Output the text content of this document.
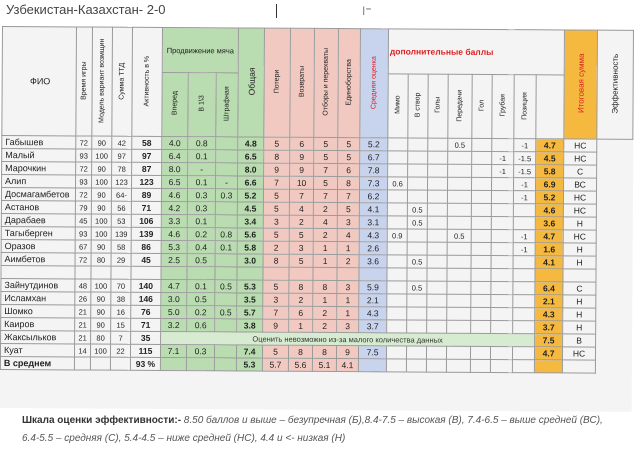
Узбекистан-Казахстан- 2-0	I⁼
ФИО	Время игры	Модель вариант возмщин	Сумма ТТД	Активность в %	Продвижение мяча			Общая	Потери	Возвраты	Отборы и перехваты	Единоборства	Средняя оценка	дополнительные баллы								Итоговая сумма	Эффективность
					Вперед	В 1\3	Штрафная							Мимо	В створ	Голы	Передачи	Гол	Грубая	Позиция			
Габышев	72	90	42	58	4.0	0.8		4.8	5	6	5	5	5.2				0.5			-1	4.7	НС	
Малый	93	100	97	97	6.4	0.1		6.5	8	9	5	5	6.7						-1	-1.5	4.5	НС	
Марочкин	72	90	78	87	8.0	-		8.0	9	9	7	6	7.8						-1	-1.5	5.8	С	
Алип	93	100	123	123	6.5	0.1	-	6.6	7	10	5	8	7.3	0.6						-1	6.9	ВС	
Досмагамбетов	72	90	64-	89	4.6	0.3	0.3	5.2	5	7	7	7	6.2							-1	5.2	НС	
Астанов	79	90	56	71	4.2	0.3		4.5	5	4	2	5	4.1		0.5						4.6	НС	
Дарабаев	45	100	53	106	3.3	0.1		3.4	3	2	4	3	3.1		0.5						3.6	Н	
Тагыберген	93	100	139	139	4.6	0.2	0.8	5.6	5	5	2	4	4.3	0.9			0.5			-1	4.7	НС	
Оразов	67	90	58	86	5.3	0.4	0.1	5.8	2	3	1	1	2.6							-1	1.6	Н	
Аимбетов	72	80	29	45	2.5	0.5		3.0	8	5	1	2	3.6		0.5						4.1	Н	

Зайнутдинов	48	100	70	140	4.7	0.1	0.5	5.3	5	8	8	3	5.9		0.5						6.4	С	
Исламхан	26	90	38	146	3.0	0.5		3.5	3	2	1	1	2.1								2.1	Н	
Шомко	21	90	16	76	5.0	0.2	0.5	5.7	7	6	2	1	4.3								4.3	Н	
Каиров	21	90	15	71	3.2	0.6		3.8	9	1	2	3	3.7								3.7	Н	
Жаксыльков	21	80	7	35	Оценить невозможно из-за малого количества данных																7.5	В	
Куат	14	100	22	115	7.1	0.3		7.4	5	8	8	9	7.5								4.7	НС	
В среднем				93 %				5.3	5.7	5.6	5.1	4.1											
Шкала оценки эффективности:- 8.50 баллов и выше – безупречная (Б),8.4-7.5 – высокая (В), 7.4-6.5 – выше средней (ВС), 6.4-5.5 – средняя (С), 5.4-4.5 – ниже средней (НС), 4.4 и <- низкая (Н)
